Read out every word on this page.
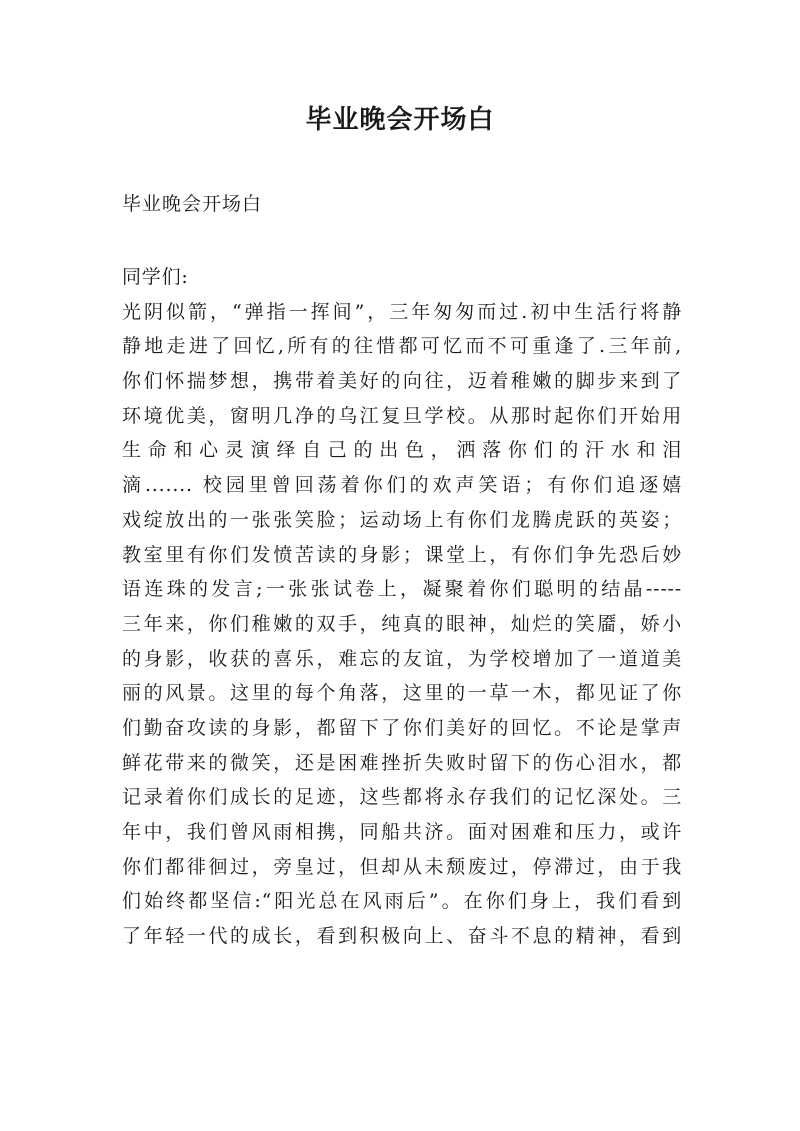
毕业晚会开场白
毕业晚会开场白
同学们:
光阴似箭，“弹指一挥间”，三年匆匆而过.初中生活行将静
静地走进了回忆,所有的往惜都可忆而不可重逢了.三年前,
你们怀揣梦想，携带着美好的向往，迈着稚嫩的脚步来到了
环境优美，窗明几净的乌江复旦学校。从那时起你们开始用
生命和心灵演绎自己的出色，洒落你们的汗水和泪
滴....... 校园里曾回荡着你们的欢声笑语；有你们追逐嬉
戏绽放出的一张张笑脸；运动场上有你们龙腾虎跃的英姿；
教室里有你们发愤苦读的身影；课堂上，有你们争先恐后妙
语连珠的发言;一张张试卷上，凝聚着你们聪明的结晶-----
三年来，你们稚嫩的双手，纯真的眼神，灿烂的笑靥，娇小
的身影，收获的喜乐，难忘的友谊，为学校增加了一道道美
丽的风景。这里的每个角落，这里的一草一木，都见证了你
们勤奋攻读的身影，都留下了你们美好的回忆。不论是掌声
鲜花带来的微笑，还是困难挫折失败时留下的伤心泪水，都
记录着你们成长的足迹，这些都将永存我们的记忆深处。三
年中，我们曾风雨相携，同船共济。面对困难和压力，或许
你们都徘徊过，旁皇过，但却从未颓废过，停滞过，由于我
们始终都坚信:“阳光总在风雨后”。在你们身上，我们看到
了年轻一代的成长，看到积极向上、奋斗不息的精神，看到
